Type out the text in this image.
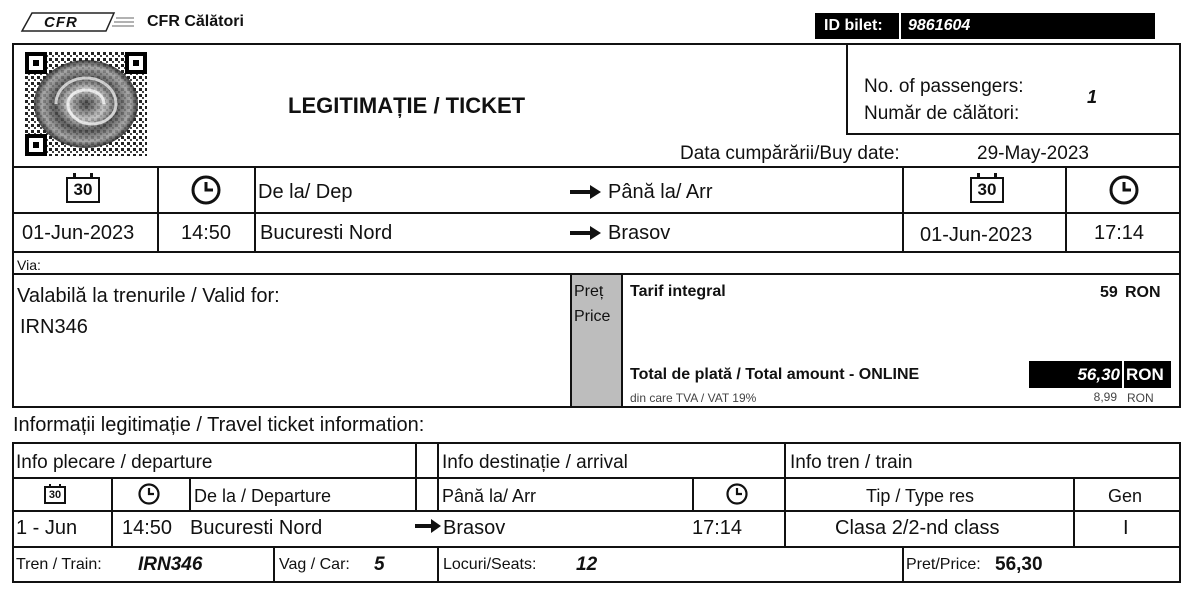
CFR	CFR Călători	ID bilet: 9861604
LEGITIMAȚIE / TICKET
No. of passengers:
Număr de călători:
1
Data cumpărării/Buy date:	29-May-2023
30	De la/ Dep	Până la/ Arr	30
01-Jun-2023 14:50 Bucuresti Nord	Brasov	01-Jun-2023	17:14
Via:
Valabilă la trenurile / Valid for:
IRN346
Preț
Price
Tarif integral	59 RON
Total de plată / Total amount - ONLINE	56,30 RON
din care TVA / VAT 19%	8,99 RON
Informații legitimație / Travel ticket information:
Info plecare / departure	Info destinație / arrival	Info tren / train
30	De la / Departure	Până la/ Arr	Tip / Type res	Gen
1 - Jun 14:50 Bucuresti Nord	Brasov	17:14	Clasa 2/2-nd class	I
Tren / Train: IRN346	Vag / Car: 5	Locuri/Seats: 12	Pret/Price: 56,30
